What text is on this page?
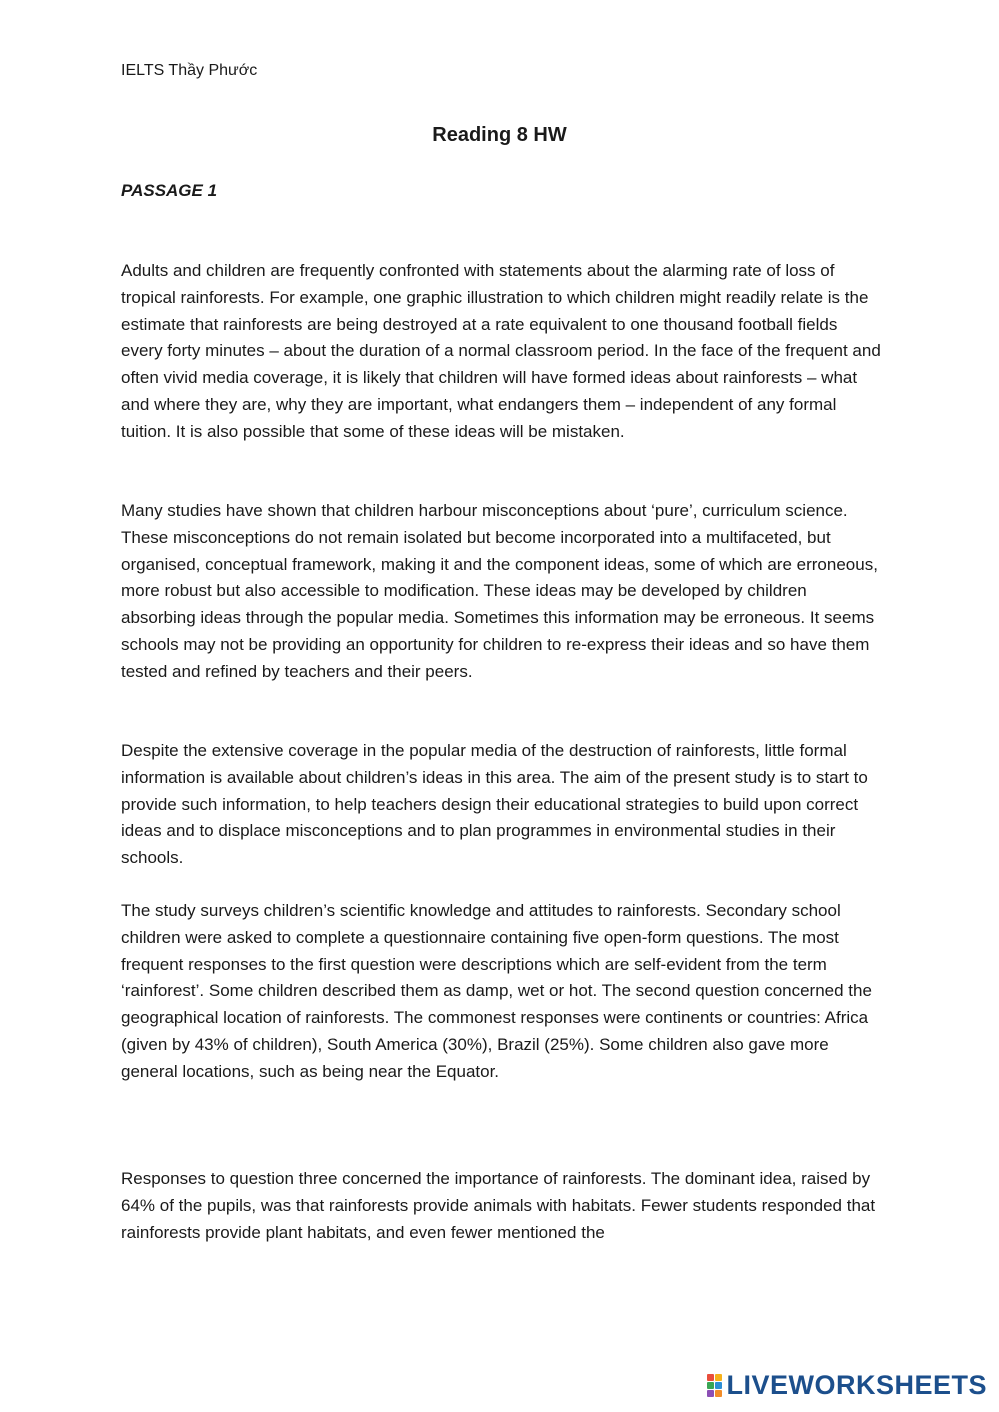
IELTS Thầy Phước
Reading 8 HW
PASSAGE 1

Adults and children are frequently confronted with statements about the alarming rate of loss of tropical rainforests. For example, one graphic illustration to which children might readily relate is the estimate that rainforests are being destroyed at a rate equivalent to one thousand football fields every forty minutes – about the duration of a normal classroom period. In the face of the frequent and often vivid media coverage, it is likely that children will have formed ideas about rainforests – what and where they are, why they are important, what endangers them – independent of any formal tuition. It is also possible that some of these ideas will be mistaken.

Many studies have shown that children harbour misconceptions about ‘pure’, curriculum science. These misconceptions do not remain isolated but become incorporated into a multifaceted, but organised, conceptual framework, making it and the component ideas, some of which are erroneous, more robust but also accessible to modification. These ideas may be developed by children absorbing ideas through the popular media. Sometimes this information may be erroneous. It seems schools may not be providing an opportunity for children to re-express their ideas and so have them tested and refined by teachers and their peers.

Despite the extensive coverage in the popular media of the destruction of rainforests, little formal information is available about children’s ideas in this area. The aim of the present study is to start to provide such information, to help teachers design their educational strategies to build upon correct ideas and to displace misconceptions and to plan programmes in environmental studies in their schools.

The study surveys children’s scientific knowledge and attitudes to rainforests. Secondary school children were asked to complete a questionnaire containing five open-form questions. The most frequent responses to the first question were descriptions which are self-evident from the term ‘rainforest’. Some children described them as damp, wet or hot. The second question concerned the geographical location of rainforests. The commonest responses were continents or countries: Africa (given by 43% of children), South America (30%), Brazil (25%). Some children also gave more general locations, such as being near the Equator.

Responses to question three concerned the importance of rainforests. The dominant idea, raised by 64% of the pupils, was that rainforests provide animals with habitats. Fewer students responded that rainforests provide plant habitats, and even fewer mentioned the

LIVEWORKSHEETS
